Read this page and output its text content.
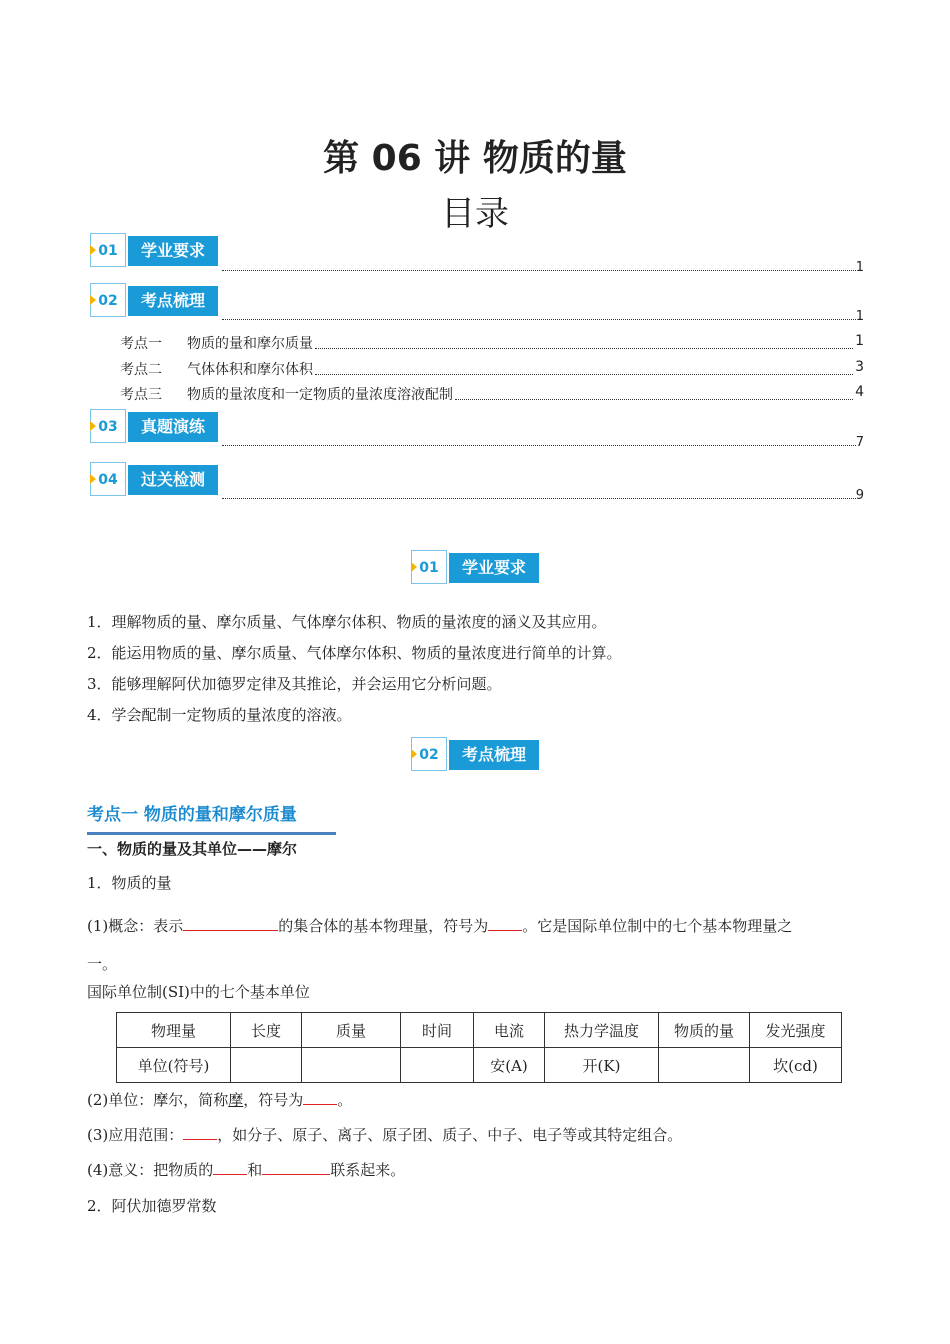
第 06 讲 物质的量
目录
01	学业要求
1
02	考点梳理
1
考点一	物质的量和摩尔质量	1
考点二	气体体积和摩尔体积	3
考点三	物质的量浓度和一定物质的量浓度溶液配制	4
03	真题演练
7
04	过关检测
9
01	学业要求
1．理解物质的量、摩尔质量、气体摩尔体积、物质的量浓度的涵义及其应用。
2．能运用物质的量、摩尔质量、气体摩尔体积、物质的量浓度进行简单的计算。
3．能够理解阿伏加德罗定律及其推论，并会运用它分析问题。
4．学会配制一定物质的量浓度的溶液。
02	考点梳理
考点一 物质的量和摩尔质量
一、物质的量及其单位——摩尔
1．物质的量
(1)概念：表示	的集合体的基本物理量，符号为 。它是国际单位制中的七个基本物理量之
一。
国际单位制(SI)中的七个基本单位
物理量	长度	质量	时间	电流	热力学温度	物质的量	发光强度
单位(符号)				安(A)	开(K)		坎(cd)
(2)单位：摩尔，简称摩，符号为 。
(3)应用范围： ，如分子、原子、离子、原子团、质子、中子、电子等或其特定组合。
(4)意义：把物质的 和	联系起来。
2．阿伏加德罗常数
